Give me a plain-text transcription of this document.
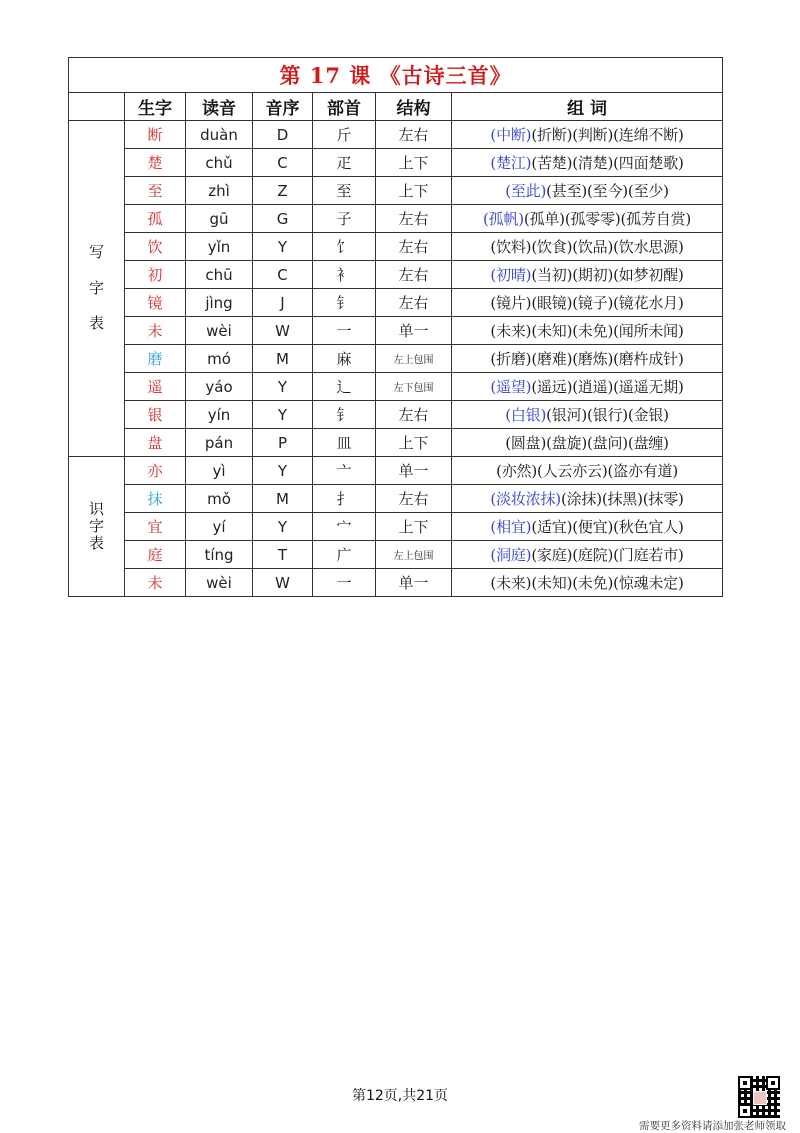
第 17 课 《古诗三首》						
	生字	读音	音序	部首	结构	组 词

写
字
表	断	duàn	D	斤	左右	(中断)(折断)(判断)(连绵不断)
	楚	chǔ	C	疋	上下	(楚江)(苦楚)(清楚)(四面楚歌)
	至	zhì	Z	至	上下	(至此)(甚至)(至今)(至少)
	孤	gū	G	子	左右	(孤帆)(孤单)(孤零零)(孤芳自赏)
	饮	yǐn	Y	饣	左右	(饮料)(饮食)(饮品)(饮水思源)
	初	chū	C	衤	左右	(初晴)(当初)(期初)(如梦初醒)
	镜	jìng	J	钅	左右	(镜片)(眼镜)(镜子)(镜花水月)
	未	wèi	W	一	单一	(未来)(未知)(未免)(闻所未闻)
	磨	mó	M	麻	左上包围	(折磨)(磨难)(磨炼)(磨杵成针)
	遥	yáo	Y	辶	左下包围	(遥望)(遥远)(逍遥)(遥遥无期)
	银	yín	Y	钅	左右	(白银)(银河)(银行)(金银)
	盘	pán	P	皿	上下	(圆盘)(盘旋)(盘问)(盘缠)

识
字
表	亦	yì	Y	亠	单一	(亦然)(人云亦云)(盗亦有道)
	抹	mǒ	M	扌	左右	(淡妆浓抹)(涂抹)(抹黑)(抹零)
	宜	yí	Y	宀	上下	(相宜)(适宜)(便宜)(秋色宜人)
	庭	tíng	T	广	左上包围	(洞庭)(家庭)(庭院)(门庭若市)
	未	wèi	W	一	单一	(未来)(未知)(未免)(惊魂未定)
第12页,共21页
需要更多资料请添加张老师领取
